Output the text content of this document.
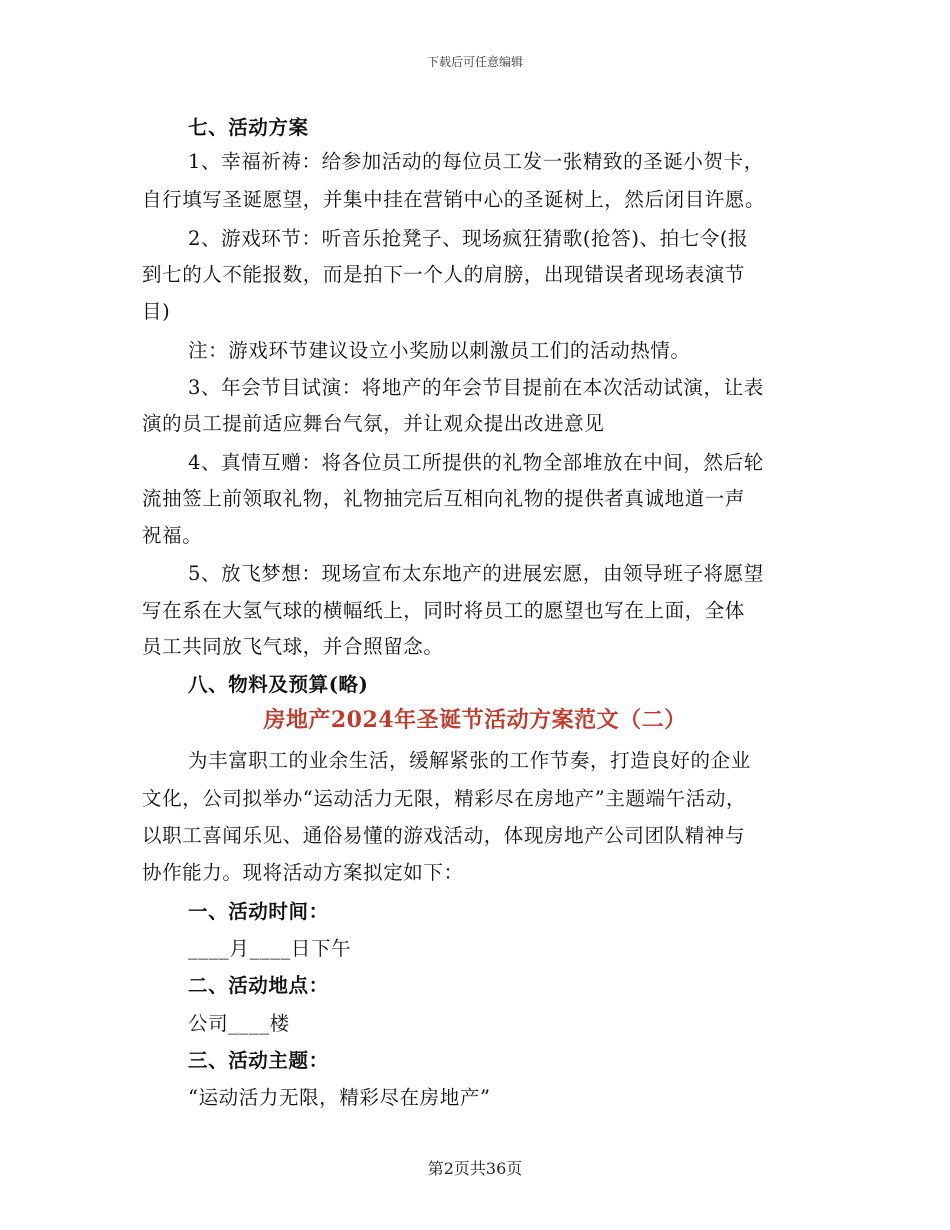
下载后可任意编辑
七、活动方案
1、幸福祈祷：给参加活动的每位员工发一张精致的圣诞小贺卡，
自行填写圣诞愿望，并集中挂在营销中心的圣诞树上，然后闭目许愿。
2、游戏环节：听音乐抢凳子、现场疯狂猜歌(抢答)、拍七令(报
到七的人不能报数，而是拍下一个人的肩膀，出现错误者现场表演节
目)
注：游戏环节建议设立小奖励以刺激员工们的活动热情。
3、年会节目试演：将地产的年会节目提前在本次活动试演，让表
演的员工提前适应舞台气氛，并让观众提出改进意见
4、真情互赠：将各位员工所提供的礼物全部堆放在中间，然后轮
流抽签上前领取礼物，礼物抽完后互相向礼物的提供者真诚地道一声
祝福。
5、放飞梦想：现场宣布太东地产的进展宏愿，由领导班子将愿望
写在系在大氢气球的横幅纸上，同时将员工的愿望也写在上面，全体
员工共同放飞气球，并合照留念。
八、物料及预算(略)
房地产2024年圣诞节活动方案范文（二）
为丰富职工的业余生活，缓解紧张的工作节奏，打造良好的企业
文化，公司拟举办“运动活力无限，精彩尽在房地产”主题端午活动，
以职工喜闻乐见、通俗易懂的游戏活动，体现房地产公司团队精神与
协作能力。现将活动方案拟定如下：
一、活动时间：
____月____日下午
二、活动地点：
公司____楼
三、活动主题：
“运动活力无限，精彩尽在房地产”
第2页共36页
